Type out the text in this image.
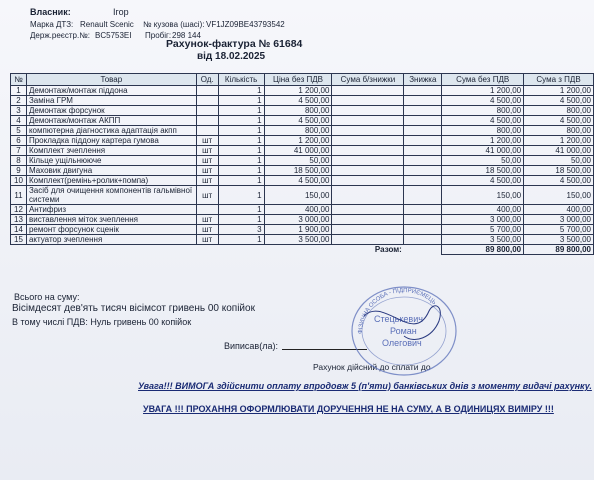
Власник:	Ігор
Марка ДТЗ: Renault Scenic № кузова (шасі): VF1JZ09BE43793542
Держ.реєстр.№: BC5753EI Пробіг: 298 144
Рахунок-фактура № 61684
від 18.02.2025
№	Товар	Од.	Кількість	Ціна без ПДВ	Сума б/знижки	Знижка	Сума без ПДВ	Сума з ПДВ
1	Демонтаж/монтаж піддона		1	1 200,00			1 200,00	1 200,00
2	Заміна ГРМ		1	4 500,00			4 500,00	4 500,00
3	Демонтаж форсунок		1	800,00			800,00	800,00
4	Демонтаж/монтаж АКПП		1	4 500,00			4 500,00	4 500,00
5	компютерна діагностика адаптація акпп		1	800,00			800,00	800,00
6	Прокладка піддону картера гумова	шт	1	1 200,00			1 200,00	1 200,00
7	Комплект зчеплення	шт	1	41 000,00			41 000,00	41 000,00
8	Кільце ущільнююче	шт	1	50,00			50,00	50,00
9	Маховик двигуна	шт	1	18 500,00			18 500,00	18 500,00
10	Комплект(ремінь+ролик+помпа)	шт	1	4 500,00			4 500,00	4 500,00
11	Засіб для очищення компонентів гальмівної системи	шт	1	150,00			150,00	150,00
12	Антифриз		1	400,00			400,00	400,00
13	виставлення міток зчеплення	шт	1	3 000,00			3 000,00	3 000,00
14	ремонт форсунок сценік	шт	3	1 900,00			5 700,00	5 700,00
15	актуатор зчеплення	шт	1	3 500,00			3 500,00	3 500,00
					Разом:		89 800,00	89 800,00
Всього на суму:
Вісімдесят дев'ять тисяч вісімсот гривень 00 копійок
В тому числі ПДВ: Нуль гривень 00 копійок
Виписав(ла):
Рахунок дійсний до сплати до
ФІЗИЧНА ОСОБА - ПІДПРИЄМЕЦЬ
Стецькевич
Роман
Олегович
Увага!!! ВИМОГА здійснити оплату впродовж 5 (п'яти) банківських днів з моменту видачі рахунку.
УВАГА !!! ПРОХАННЯ ОФОРМЛЮВАТИ ДОРУЧЕННЯ НЕ НА СУМУ, А В ОДИНИЦЯХ ВИМІРУ !!!
